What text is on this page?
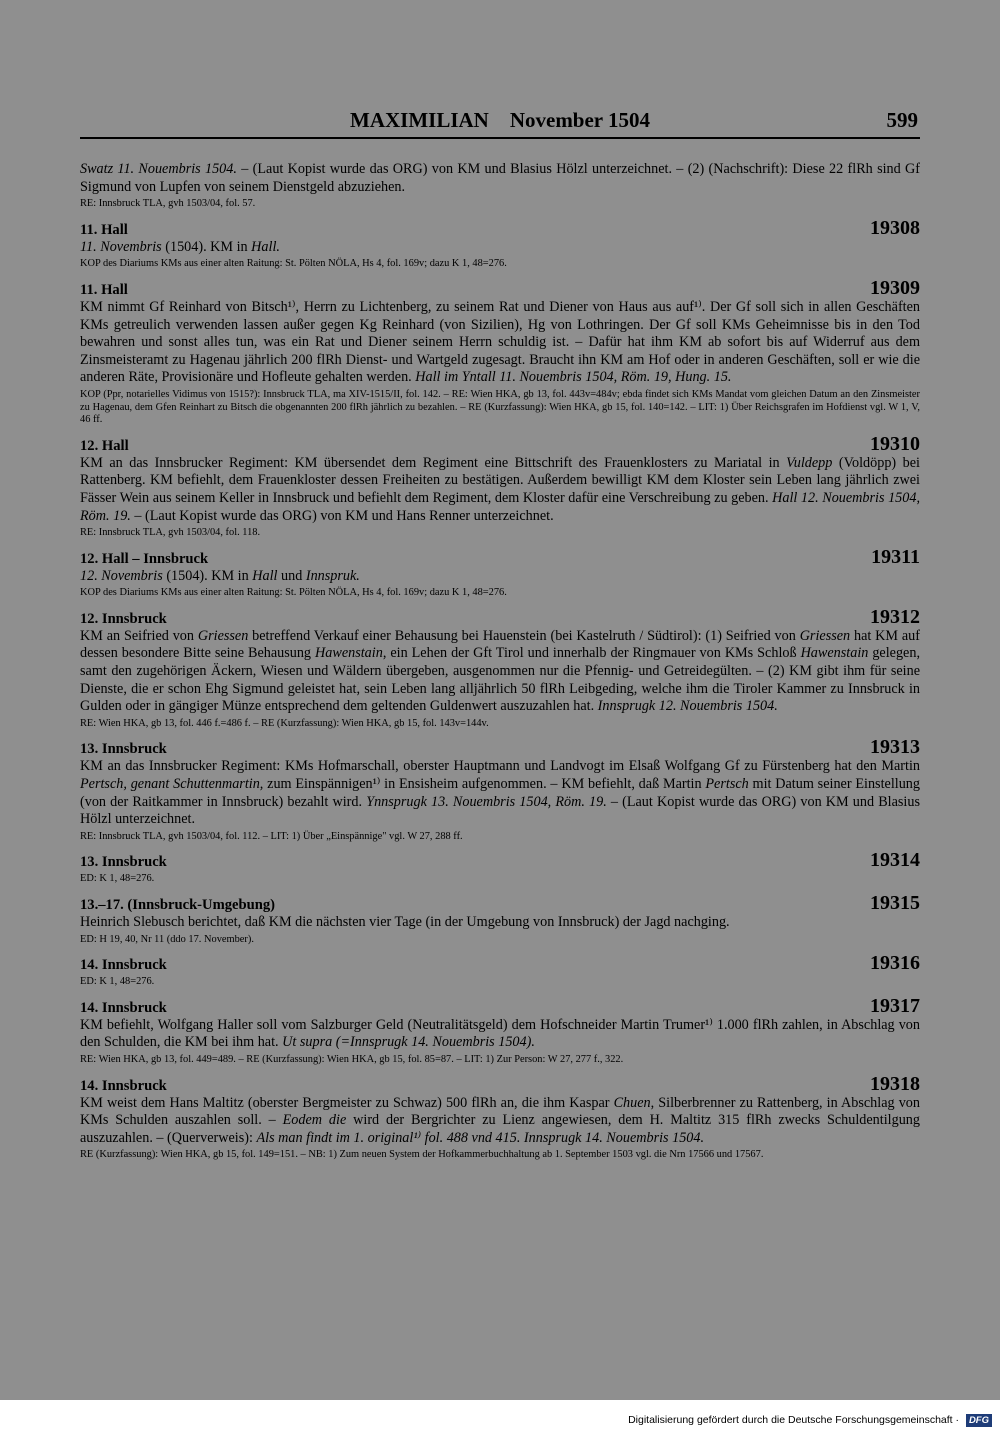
MAXIMILIAN    November 1504	599
Swatz 11. Nouembris 1504. – (Laut Kopist wurde das ORG) von KM und Blasius Hölzl unterzeichnet. – (2) (Nachschrift): Diese 22 flRh sind Gf Sigmund von Lupfen von seinem Dienstgeld abzuziehen.
RE: Innsbruck TLA, gvh 1503/04, fol. 57.
11. Hall	19308
11. Novembris (1504). KM in Hall.
KOP des Diariums KMs aus einer alten Raitung: St. Pölten NÖLA, Hs 4, fol. 169v; dazu K 1, 48=276.
11. Hall	19309
KM nimmt Gf Reinhard von Bitsch¹⁾, Herrn zu Lichtenberg, zu seinem Rat und Diener von Haus aus auf¹⁾. Der Gf soll sich in allen Geschäften KMs getreulich verwenden lassen außer gegen Kg Reinhard (von Sizilien), Hg von Lothringen. Der Gf soll KMs Geheimnisse bis in den Tod bewahren und sonst alles tun, was ein Rat und Diener seinem Herrn schuldig ist. – Dafür hat ihm KM ab sofort bis auf Widerruf aus dem Zinsmeisteramt zu Hagenau jährlich 200 flRh Dienst- und Wartgeld zugesagt. Braucht ihn KM am Hof oder in anderen Geschäften, soll er wie die anderen Räte, Provisionäre und Hofleute gehalten werden. Hall im Yntall 11. Nouembris 1504, Röm. 19, Hung. 15.
KOP (Ppr, notarielles Vidimus von 1515?): Innsbruck TLA, ma XIV-1515/II, fol. 142. – RE: Wien HKA, gb 13, fol. 443v=484v; ebda findet sich KMs Mandat vom gleichen Datum an den Zinsmeister zu Hagenau, dem Gfen Reinhart zu Bitsch die obgenannten 200 flRh jährlich zu bezahlen. – RE (Kurzfassung): Wien HKA, gb 15, fol. 140=142. – LIT: 1) Über Reichsgrafen im Hofdienst vgl. W 1, V, 46 ff.
12. Hall	19310
KM an das Innsbrucker Regiment: KM übersendet dem Regiment eine Bittschrift des Frauenklosters zu Mariatal in Vuldepp (Voldöpp) bei Rattenberg. KM befiehlt, dem Frauenkloster dessen Freiheiten zu bestätigen. Außerdem bewilligt KM dem Kloster sein Leben lang jährlich zwei Fässer Wein aus seinem Keller in Innsbruck und befiehlt dem Regiment, dem Kloster dafür eine Verschreibung zu geben. Hall 12. Nouembris 1504, Röm. 19. – (Laut Kopist wurde das ORG) von KM und Hans Renner unterzeichnet.
RE: Innsbruck TLA, gvh 1503/04, fol. 118.
12. Hall – Innsbruck	19311
12. Novembris (1504). KM in Hall und Innspruk.
KOP des Diariums KMs aus einer alten Raitung: St. Pölten NÖLA, Hs 4, fol. 169v; dazu K 1, 48=276.
12. Innsbruck	19312
KM an Seifried von Griessen betreffend Verkauf einer Behausung bei Hauenstein (bei Kastelruth / Südtirol): (1) Seifried von Griessen hat KM auf dessen besondere Bitte seine Behausung Hawenstain, ein Lehen der Gft Tirol und innerhalb der Ringmauer von KMs Schloß Hawenstain gelegen, samt den zugehörigen Äckern, Wiesen und Wäldern übergeben, ausgenommen nur die Pfennig- und Getreidegülten. – (2) KM gibt ihm für seine Dienste, die er schon Ehg Sigmund geleistet hat, sein Leben lang alljährlich 50 flRh Leibgeding, welche ihm die Tiroler Kammer zu Innsbruck in Gulden oder in gängiger Münze entsprechend dem geltenden Guldenwert auszuzahlen hat. Innsprugk 12. Nouembris 1504.
RE: Wien HKA, gb 13, fol. 446 f.=486 f. – RE (Kurzfassung): Wien HKA, gb 15, fol. 143v=144v.
13. Innsbruck	19313
KM an das Innsbrucker Regiment: KMs Hofmarschall, oberster Hauptmann und Landvogt im Elsaß Wolfgang Gf zu Fürstenberg hat den Martin Pertsch, genant Schuttenmartin, zum Einspännigen¹⁾ in Ensisheim aufgenommen. – KM befiehlt, daß Martin Pertsch mit Datum seiner Einstellung (von der Raitkammer in Innsbruck) bezahlt wird. Ynnsprugk 13. Nouembris 1504, Röm. 19. – (Laut Kopist wurde das ORG) von KM und Blasius Hölzl unterzeichnet.
RE: Innsbruck TLA, gvh 1503/04, fol. 112. – LIT: 1) Über „Einspännige" vgl. W 27, 288 ff.
13. Innsbruck	19314
ED: K 1, 48=276.
13.–17. (Innsbruck-Umgebung)	19315
Heinrich Slebusch berichtet, daß KM die nächsten vier Tage (in der Umgebung von Innsbruck) der Jagd nachging.
ED: H 19, 40, Nr 11 (ddo 17. November).
14. Innsbruck	19316
ED: K 1, 48=276.
14. Innsbruck	19317
KM befiehlt, Wolfgang Haller soll vom Salzburger Geld (Neutralitätsgeld) dem Hofschneider Martin Trumer¹⁾ 1.000 flRh zahlen, in Abschlag von den Schulden, die KM bei ihm hat. Ut supra (=Innsprugk 14. Nouembris 1504).
RE: Wien HKA, gb 13, fol. 449=489. – RE (Kurzfassung): Wien HKA, gb 15, fol. 85=87. – LIT: 1) Zur Person: W 27, 277 f., 322.
14. Innsbruck	19318
KM weist dem Hans Maltitz (oberster Bergmeister zu Schwaz) 500 flRh an, die ihm Kaspar Chuen, Silberbrenner zu Rattenberg, in Abschlag von KMs Schulden auszahlen soll. – Eodem die wird der Bergrichter zu Lienz angewiesen, dem H. Maltitz 315 flRh zwecks Schuldentilgung auszuzahlen. – (Querverweis): Als man findt im 1. original¹⁾ fol. 488 vnd 415. Innsprugk 14. Nouembris 1504.
RE (Kurzfassung): Wien HKA, gb 15, fol. 149=151. – NB: 1) Zum neuen System der Hofkammerbuchhaltung ab 1. September 1503 vgl. die Nrn 17566 und 17567.
Digitalisierung gefördert durch die Deutsche Forschungsgemeinschaft · DFG
